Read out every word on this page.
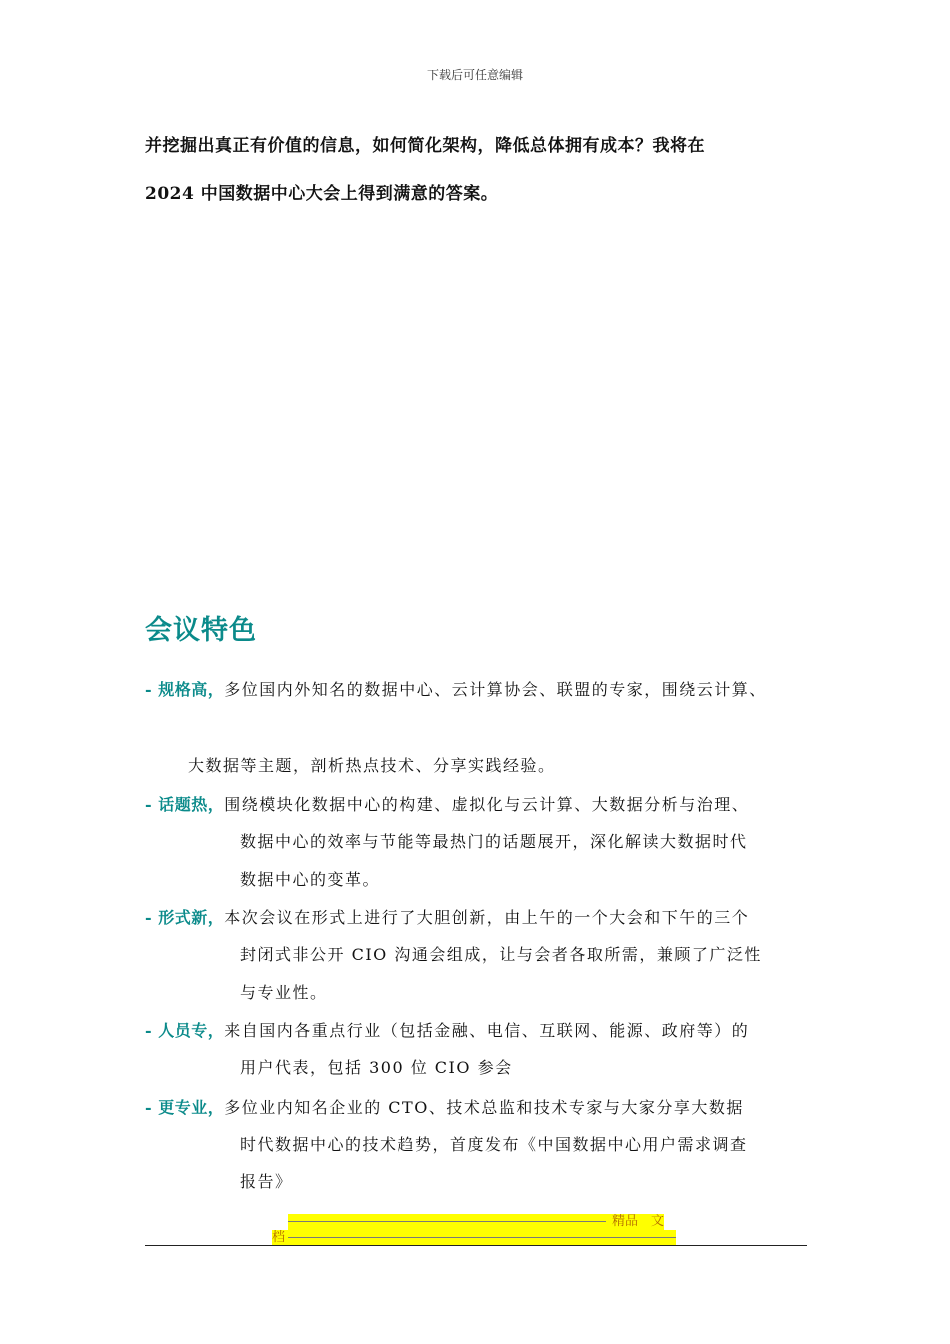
下载后可任意编辑
并挖掘出真正有价值的信息，如何简化架构，降低总体拥有成本？我将在
2024 中国数据中心大会上得到满意的答案。
会议特色
- 规格高，多位国内外知名的数据中心、云计算协会、联盟的专家，围绕云计算、
大数据等主题，剖析热点技术、分享实践经验。
- 话题热，围绕模块化数据中心的构建、虚拟化与云计算、大数据分析与治理、
数据中心的效率与节能等最热门的话题展开，深化解读大数据时代
数据中心的变革。
- 形式新，本次会议在形式上进行了大胆创新，由上午的一个大会和下午的三个
封闭式非公开 CIO 沟通会组成，让与会者各取所需，兼顾了广泛性
与专业性。
- 人员专，来自国内各重点行业（包括金融、电信、互联网、能源、政府等）的
用户代表，包括 300 位 CIO 参会
- 更专业，多位业内知名企业的 CTO、技术总监和技术专家与大家分享大数据
时代数据中心的技术趋势，首度发布《中国数据中心用户需求调查
报告》
精品　文
档
